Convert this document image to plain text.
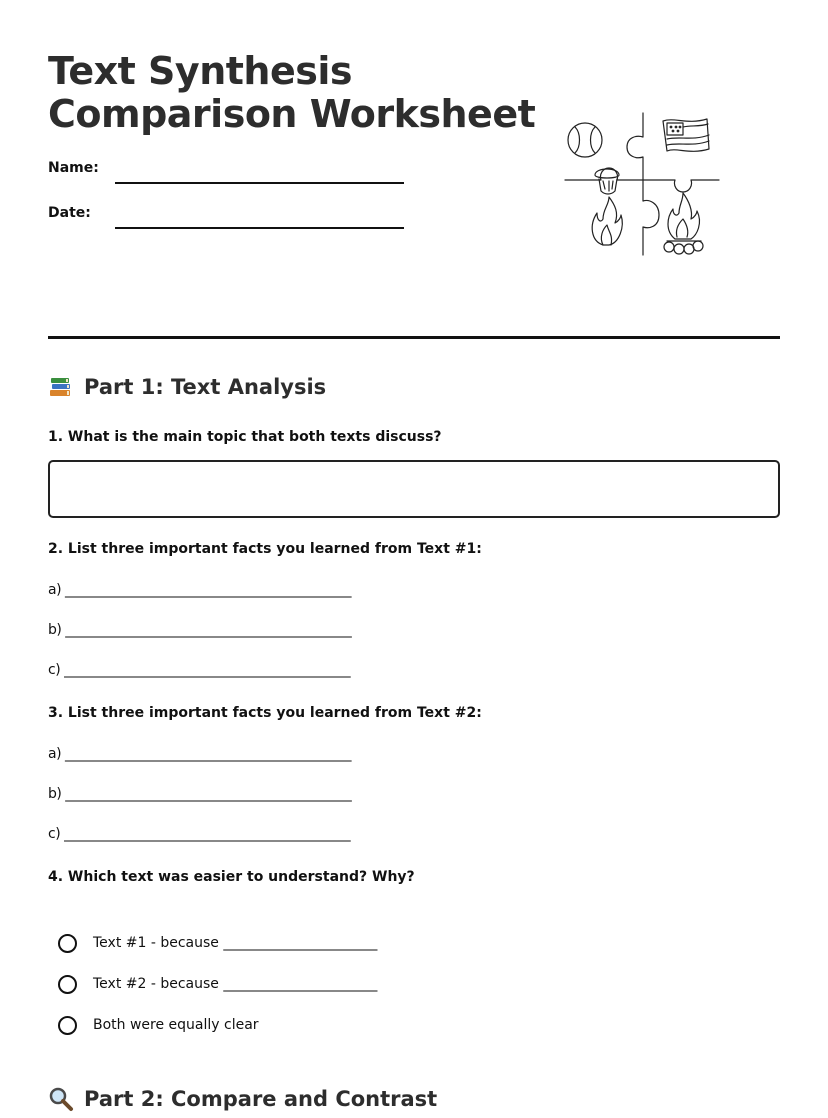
Text Synthesis
Comparison Worksheet
Name:
Date:
Part 1: Text Analysis

1. What is the main topic that both texts discuss?

2. List three important facts you learned from Text #1:

a) ____________________________________________
b) ____________________________________________
c) ____________________________________________

3. List three important facts you learned from Text #2:

a) ____________________________________________
b) ____________________________________________
c) ____________________________________________

4. Which text was easier to understand? Why?

Text #1 - because ______________________
Text #2 - because ______________________
Both were equally clear
Part 2: Compare and Contrast
